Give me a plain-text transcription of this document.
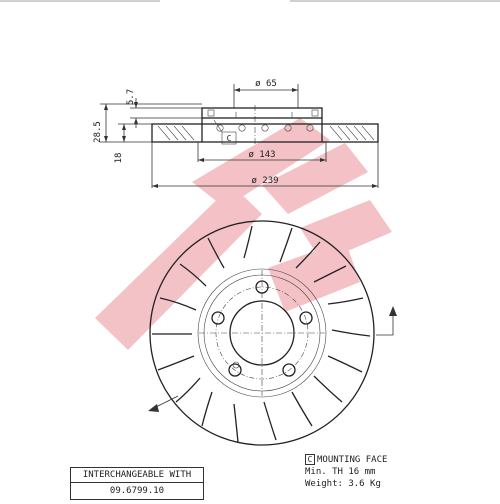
C
ø 65
ø 143
ø 239
5.7
28.5
18
INTERCHANGEABLE WITH
09.6799.10
C MOUNTING FACE
Min. TH 16 mm
Weight: 3.6 Kg
